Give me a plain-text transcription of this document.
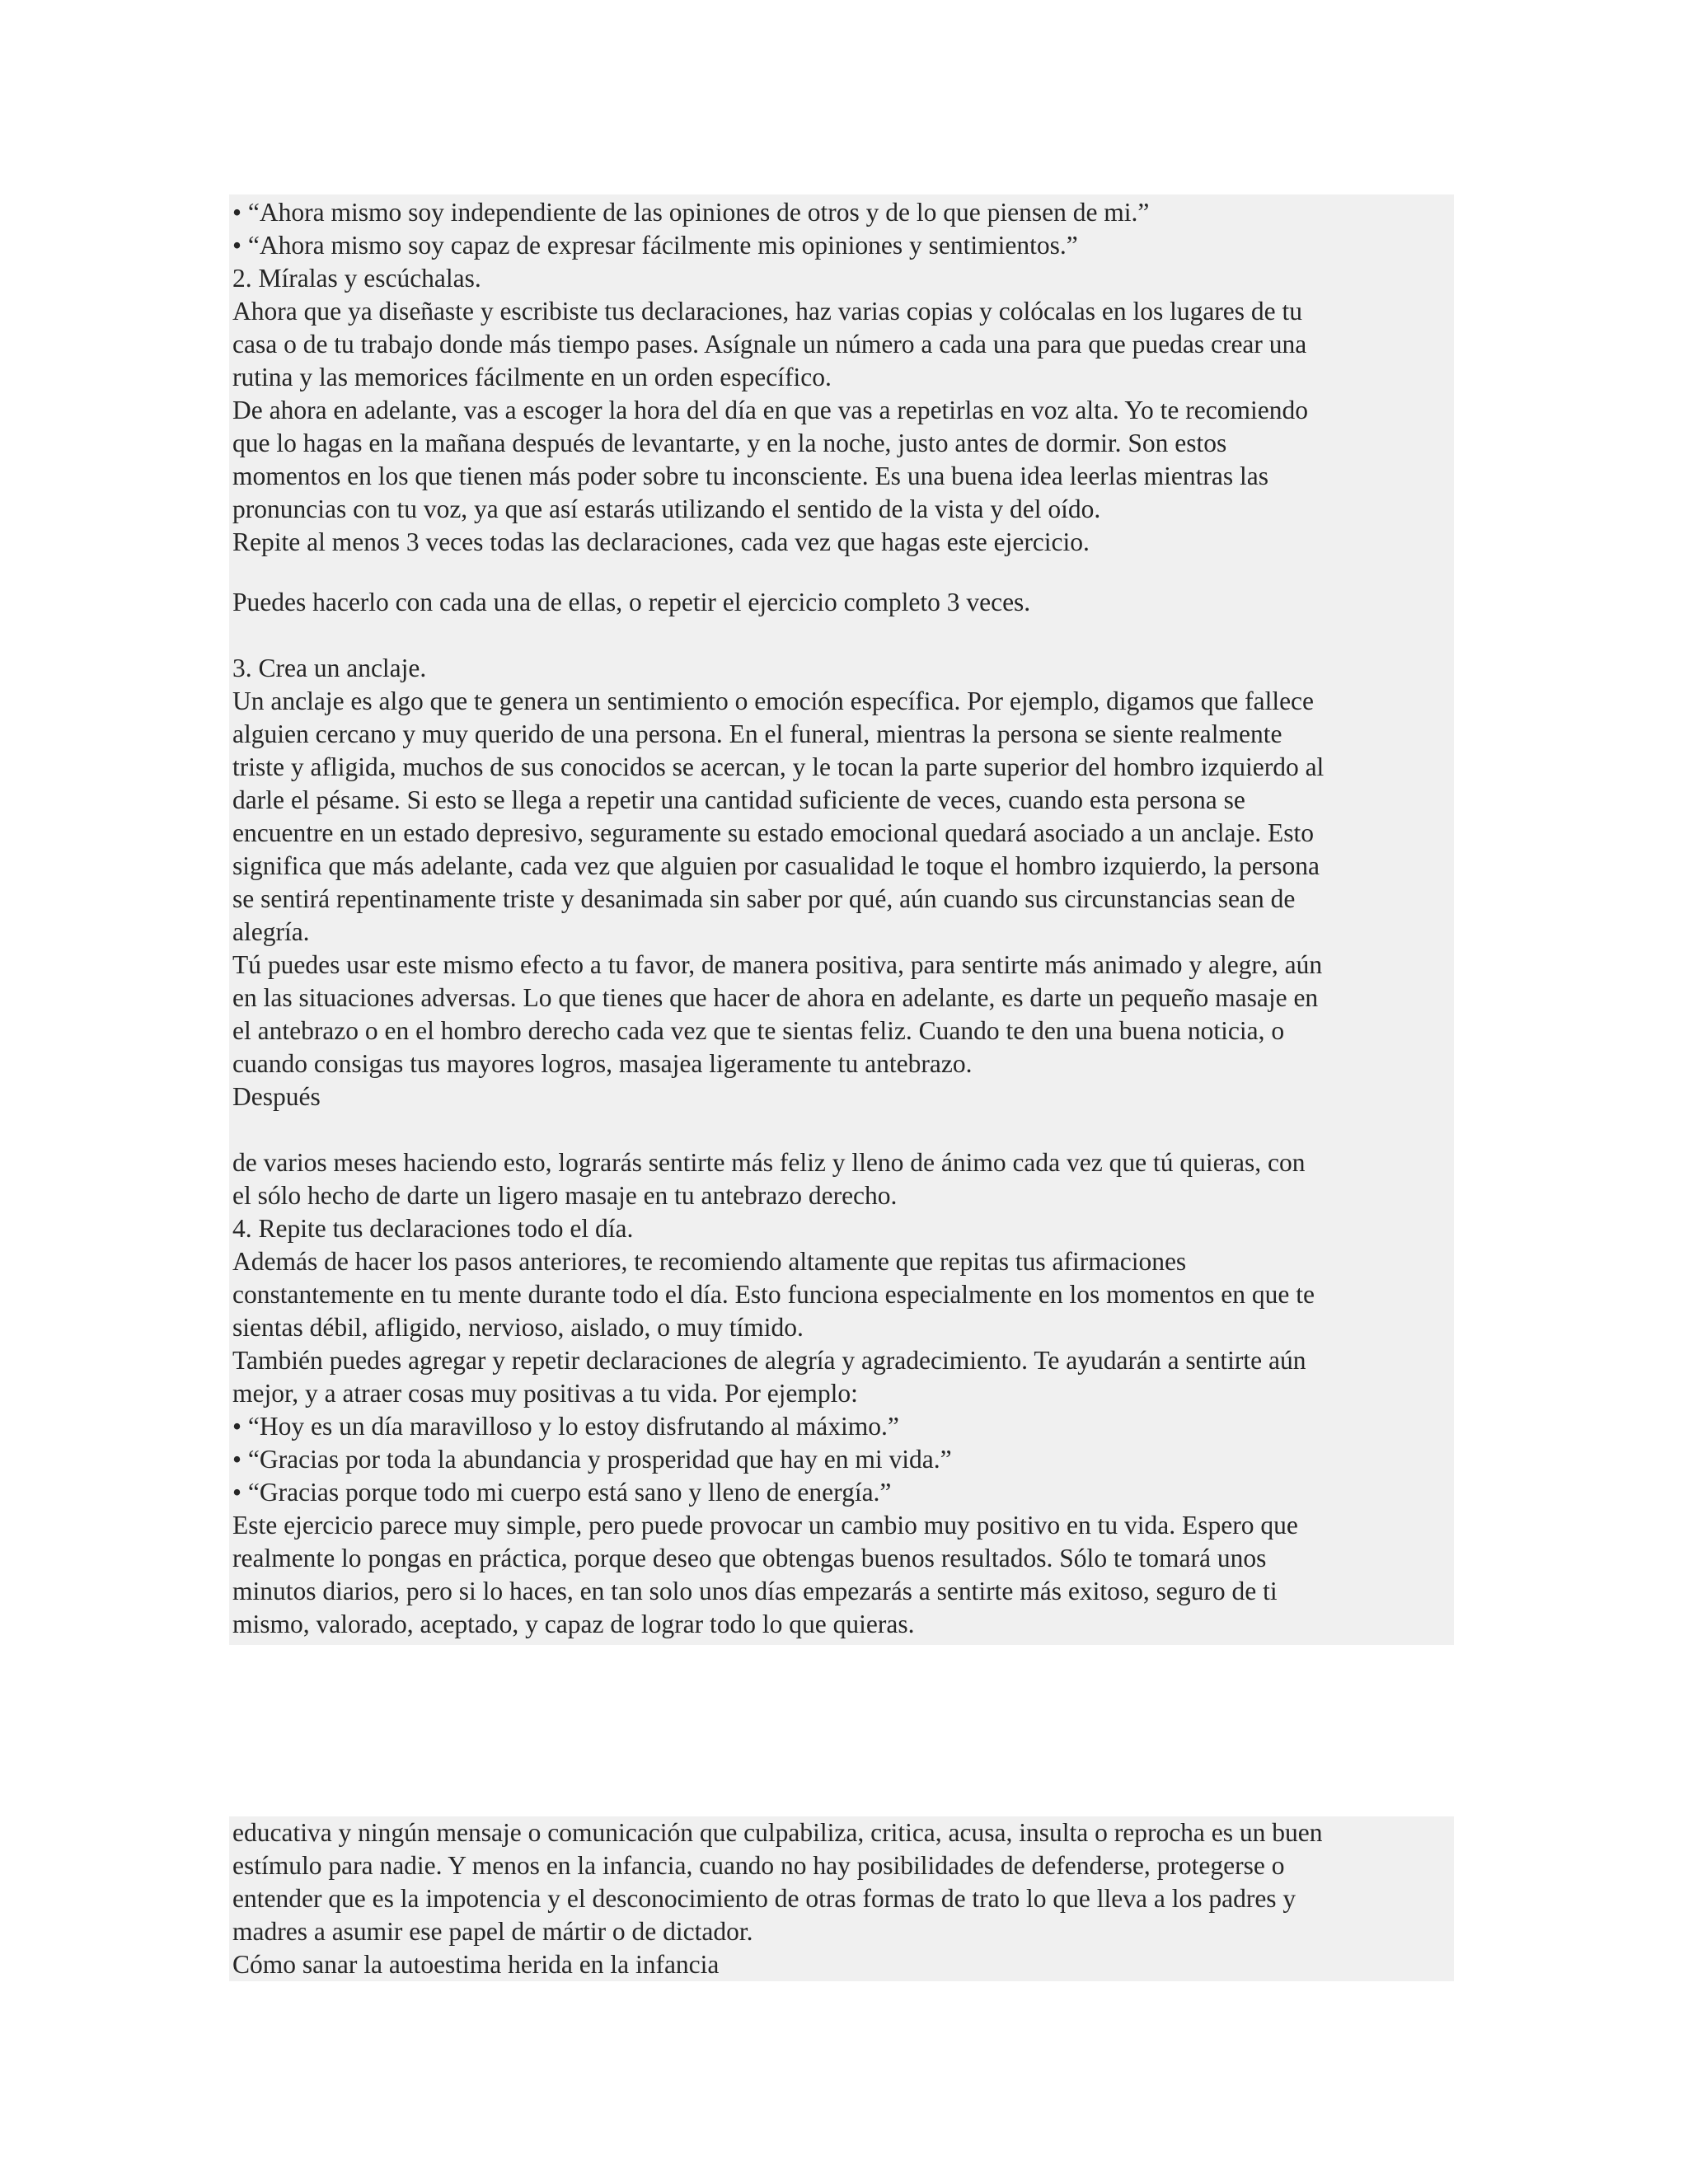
• “Ahora mismo soy independiente de las opiniones de otros y de lo que piensen de mi.”
• “Ahora mismo soy capaz de expresar fácilmente mis opiniones y sentimientos.”
2. Míralas y escúchalas.
Ahora que ya diseñaste y escribiste tus declaraciones, haz varias copias y colócalas en los lugares de tu
casa o de tu trabajo donde más tiempo pases. Asígnale un número a cada una para que puedas crear una
rutina y las memorices fácilmente en un orden específico.
De ahora en adelante, vas a escoger la hora del día en que vas a repetirlas en voz alta. Yo te recomiendo
que lo hagas en la mañana después de levantarte, y en la noche, justo antes de dormir. Son estos
momentos en los que tienen más poder sobre tu inconsciente. Es una buena idea leerlas mientras las
pronuncias con tu voz, ya que así estarás utilizando el sentido de la vista y del oído.
Repite al menos 3 veces todas las declaraciones, cada vez que hagas este ejercicio.
Puedes hacerlo con cada una de ellas, o repetir el ejercicio completo 3 veces.
3. Crea un anclaje.
Un anclaje es algo que te genera un sentimiento o emoción específica. Por ejemplo, digamos que fallece
alguien cercano y muy querido de una persona. En el funeral, mientras la persona se siente realmente
triste y afligida, muchos de sus conocidos se acercan, y le tocan la parte superior del hombro izquierdo al
darle el pésame. Si esto se llega a repetir una cantidad suficiente de veces, cuando esta persona se
encuentre en un estado depresivo, seguramente su estado emocional quedará asociado a un anclaje. Esto
significa que más adelante, cada vez que alguien por casualidad le toque el hombro izquierdo, la persona
se sentirá repentinamente triste y desanimada sin saber por qué, aún cuando sus circunstancias sean de
alegría.
Tú puedes usar este mismo efecto a tu favor, de manera positiva, para sentirte más animado y alegre, aún
en las situaciones adversas. Lo que tienes que hacer de ahora en adelante, es darte un pequeño masaje en
el antebrazo o en el hombro derecho cada vez que te sientas feliz. Cuando te den una buena noticia, o
cuando consigas tus mayores logros, masajea ligeramente tu antebrazo.
Después
de varios meses haciendo esto, lograrás sentirte más feliz y lleno de ánimo cada vez que tú quieras, con
el sólo hecho de darte un ligero masaje en tu antebrazo derecho.
4. Repite tus declaraciones todo el día.
Además de hacer los pasos anteriores, te recomiendo altamente que repitas tus afirmaciones
constantemente en tu mente durante todo el día. Esto funciona especialmente en los momentos en que te
sientas débil, afligido, nervioso, aislado, o muy tímido.
También puedes agregar y repetir declaraciones de alegría y agradecimiento. Te ayudarán a sentirte aún
mejor, y a atraer cosas muy positivas a tu vida. Por ejemplo:
• “Hoy es un día maravilloso y lo estoy disfrutando al máximo.”
• “Gracias por toda la abundancia y prosperidad que hay en mi vida.”
• “Gracias porque todo mi cuerpo está sano y lleno de energía.”
Este ejercicio parece muy simple, pero puede provocar un cambio muy positivo en tu vida. Espero que
realmente lo pongas en práctica, porque deseo que obtengas buenos resultados. Sólo te tomará unos
minutos diarios, pero si lo haces, en tan solo unos días empezarás a sentirte más exitoso, seguro de ti
mismo, valorado, aceptado, y capaz de lograr todo lo que quieras.
educativa y ningún mensaje o comunicación que culpabiliza, critica, acusa, insulta o reprocha es un buen
estímulo para nadie. Y menos en la infancia, cuando no hay posibilidades de defenderse, protegerse o
entender que es la impotencia y el desconocimiento de otras formas de trato lo que lleva a los padres y
madres a asumir ese papel de mártir o de dictador.
Cómo sanar la autoestima herida en la infancia
